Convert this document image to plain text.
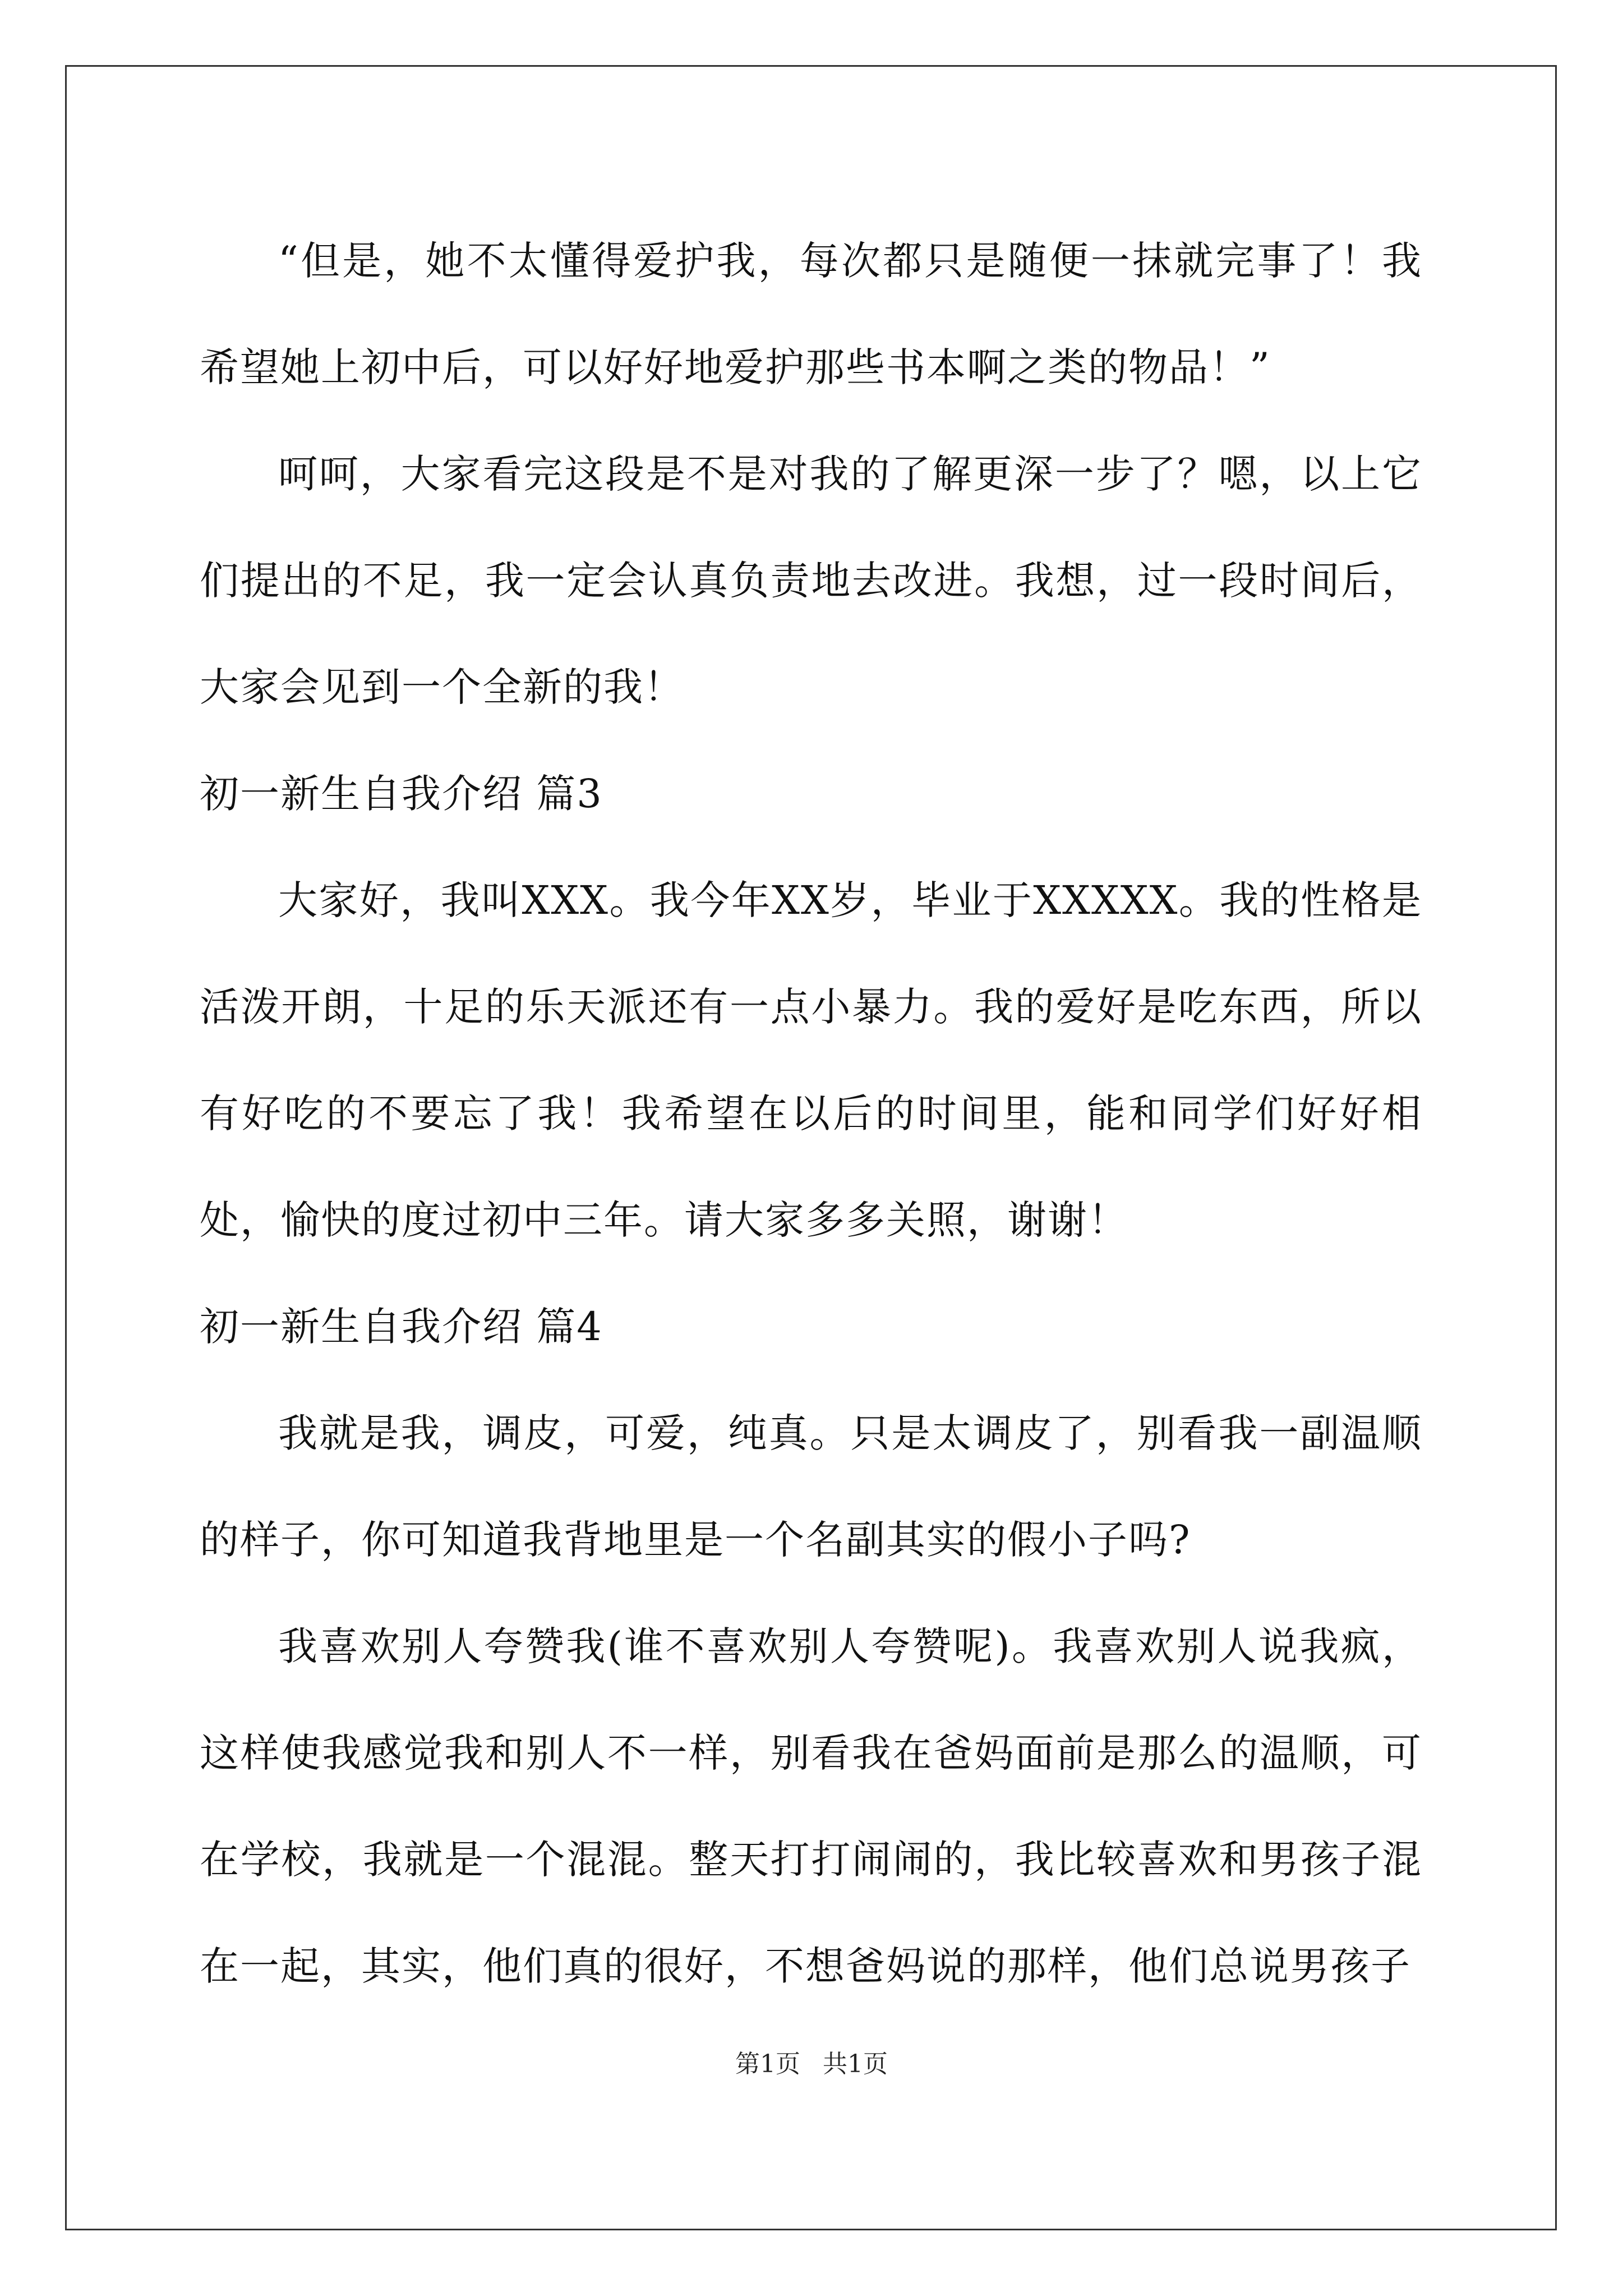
“但是，她不太懂得爱护我，每次都只是随便一抹就完事了！我希望她上初中后，可以好好地爱护那些书本啊之类的物品！”

呵呵，大家看完这段是不是对我的了解更深一步了？嗯，以上它们提出的不足，我一定会认真负责地去改进。我想，过一段时间后，大家会见到一个全新的我！

初一新生自我介绍 篇3

大家好，我叫XXX。我今年XX岁，毕业于XXXXX。我的性格是活泼开朗，十足的乐天派还有一点小暴力。我的爱好是吃东西，所以有好吃的不要忘了我！我希望在以后的时间里，能和同学们好好相处，愉快的度过初中三年。请大家多多关照，谢谢！

初一新生自我介绍 篇4

我就是我，调皮，可爱，纯真。只是太调皮了，别看我一副温顺的样子，你可知道我背地里是一个名副其实的假小子吗?

我喜欢别人夸赞我(谁不喜欢别人夸赞呢)。我喜欢别人说我疯，这样使我感觉我和别人不一样，别看我在爸妈面前是那么的温顺，可在学校，我就是一个混混。整天打打闹闹的，我比较喜欢和男孩子混在一起，其实，他们真的很好，不想爸妈说的那样，他们总说男孩子

第1页 共1页
